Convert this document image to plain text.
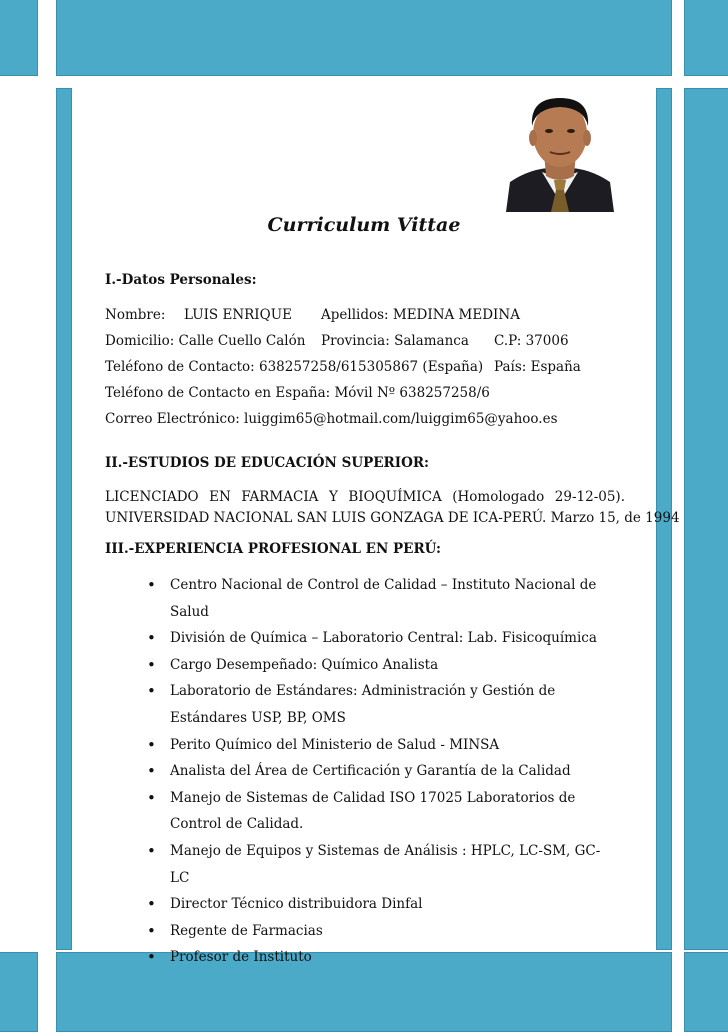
Curriculum Vittae
I.-Datos Personales:
Nombre: LUIS ENRIQUE Apellidos: MEDINA MEDINA
Domicilio: Calle Cuello Calón Provincia: Salamanca C.P: 37006
Teléfono de Contacto: 638257258/615305867 (España) País: España
Teléfono de Contacto en España: Móvil Nº 638257258/6
Correo Electrónico: luiggim65@hotmail.com/luiggim65@yahoo.es
II.-ESTUDIOS DE EDUCACIÓN SUPERIOR:

LICENCIADO EN FARMACIA Y BIOQUÍMICA (Homologado 29-12-05).

UNIVERSIDAD NACIONAL SAN LUIS GONZAGA DE ICA-PERÚ. Marzo 15, de 1994

III.-EXPERIENCIA PROFESIONAL EN PERÚ:
• Centro Nacional de Control de Calidad – Instituto Nacional de Salud
• División de Química – Laboratorio Central: Lab. Fisicoquímica
• Cargo Desempeñado: Químico Analista
• Laboratorio de Estándares: Administración y Gestión de Estándares USP, BP, OMS
• Perito Químico del Ministerio de Salud - MINSA
• Analista del Área de Certificación y Garantía de la Calidad
• Manejo de Sistemas de Calidad ISO 17025 Laboratorios de Control de Calidad.
• Manejo de Equipos y Sistemas de Análisis : HPLC, LC-SM, GC-LC
• Director Técnico distribuidora Dinfal
• Regente de Farmacias
• Profesor de Instituto
